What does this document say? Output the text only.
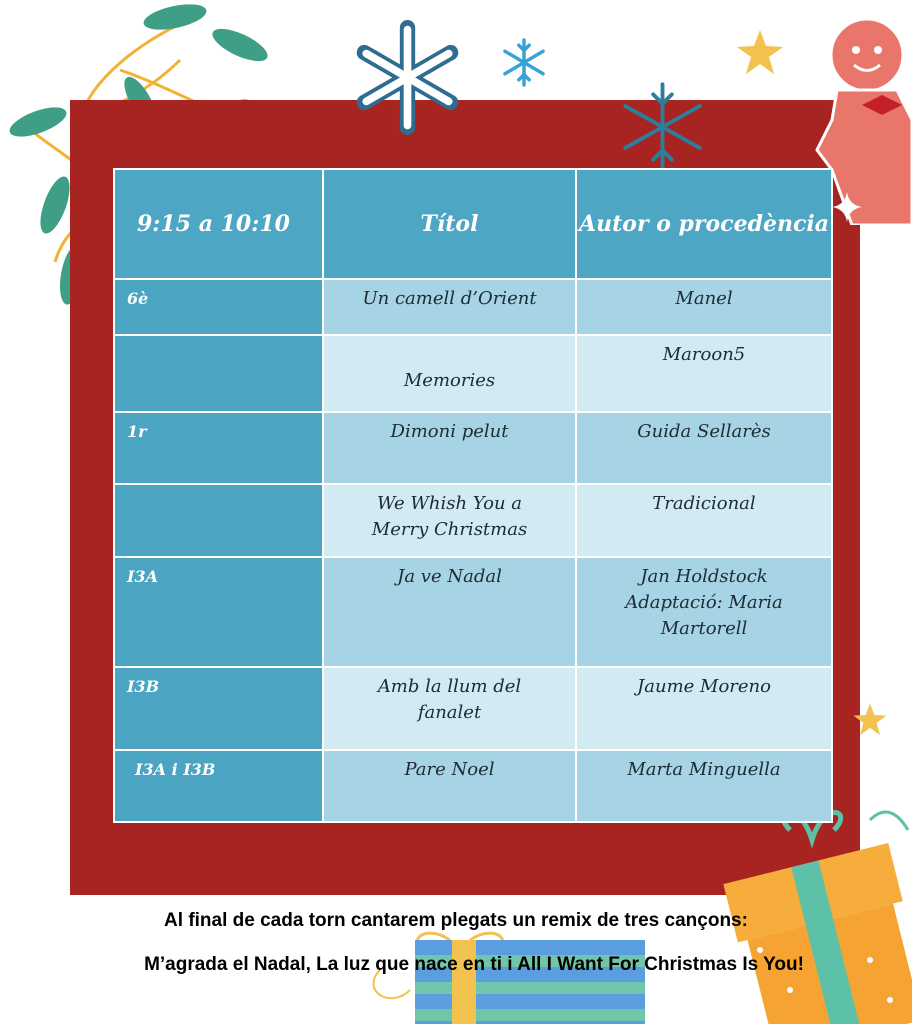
9:15 a 10:10	Títol	Autor o procedència
6è	Un camell d’Orient	Manel
	Memories	Maroon5
1r	Dimoni pelut	Guida Sellarès
	We Whish You a Merry Christmas	Tradicional
I3A	Ja ve Nadal	Jan Holdstock Adaptació: Maria Martorell
I3B	Amb la llum del fanalet	Jaume Moreno
I3A i I3B	Pare Noel	Marta Minguella
Al final de cada torn cantarem plegats un remix de tres cançons:
M’agrada el Nadal, La luz que nace en ti i All I Want For Christmas Is You!
